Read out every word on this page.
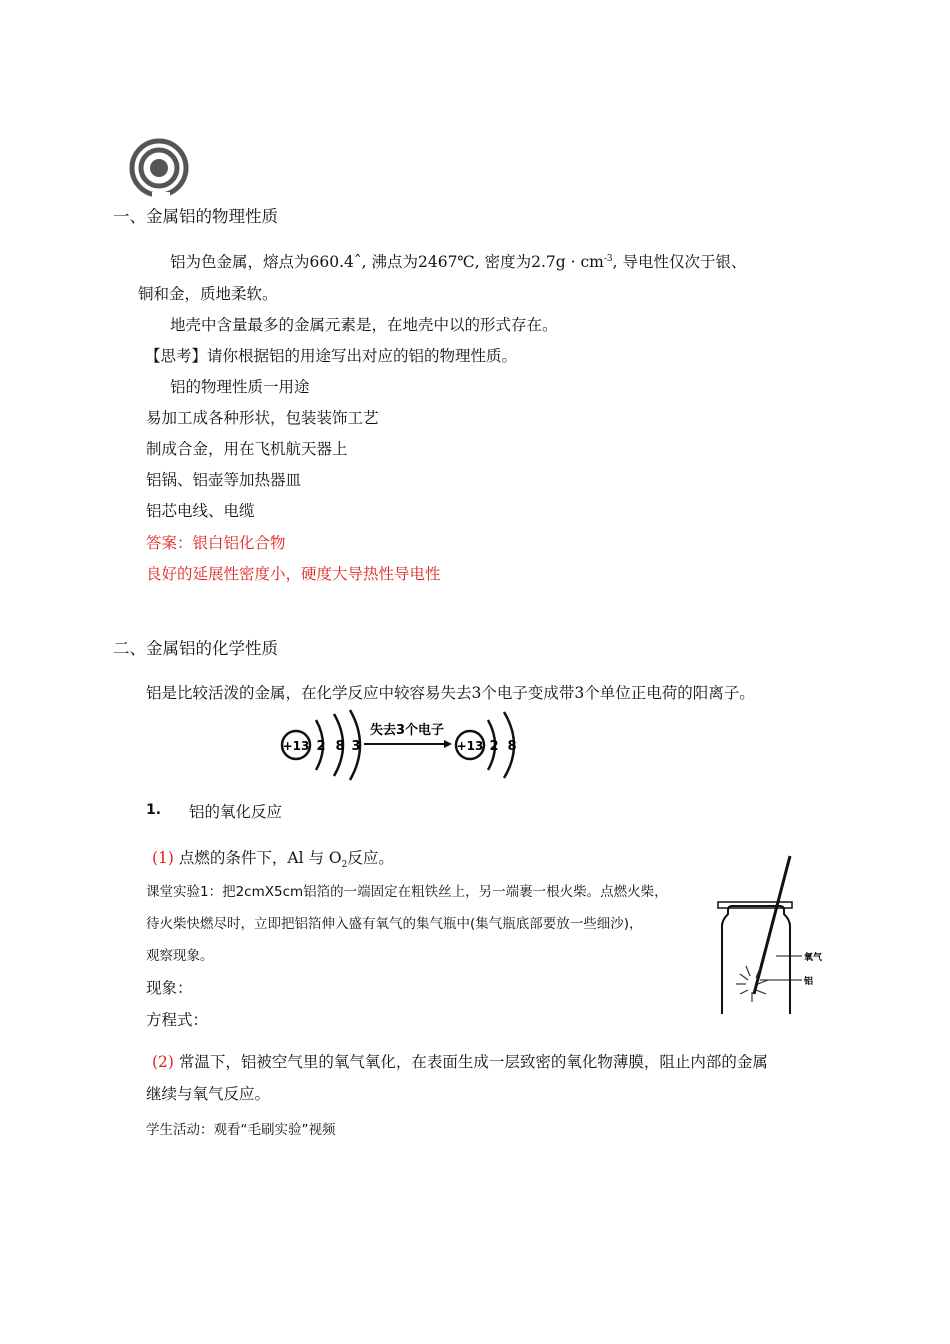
一、金属铝的物理性质
铝为色金属，熔点为660.4ˆ, 沸点为2467℃, 密度为$2.7g \cdot cm^{-3}$, 导电性仅次于银、
铜和金，质地柔软。
地壳中含量最多的金属元素是，在地壳中以的形式存在。
【思考】请你根据铝的用途写出对应的铝的物理性质。
铝的物理性质一用途
易加工成各种形状，包装装饰工艺
制成合金，用在飞机航天器上
铝锅、铝壶等加热器皿
铝芯电线、电缆
答案：银白铝化合物
良好的延展性密度小，硬度大导热性导电性
二、金属铝的化学性质
铝是比较活泼的金属，在化学反应中较容易失去3个电子变成带3个单位正电荷的阳离子。
+13 2 8 3
失去3个电子
+13 2 8
1. 铝的氧化反应
(1) 点燃的条件下，Al 与 $O_2$反应。
课堂实验1：把2cmX5cm铝箔的一端固定在粗铁丝上，另一端裹一根火柴。点燃火柴，
待火柴快燃尽时，立即把铝箔伸入盛有氧气的集气瓶中(集气瓶底部要放一些细沙)，
观察现象。
现象：
方程式：
氧气
铝
(2) 常温下，铝被空气里的氧气氧化，在表面生成一层致密的氧化物薄膜，阻止内部的金属
继续与氧气反应。
学生活动：观看“毛刷实验”视频
